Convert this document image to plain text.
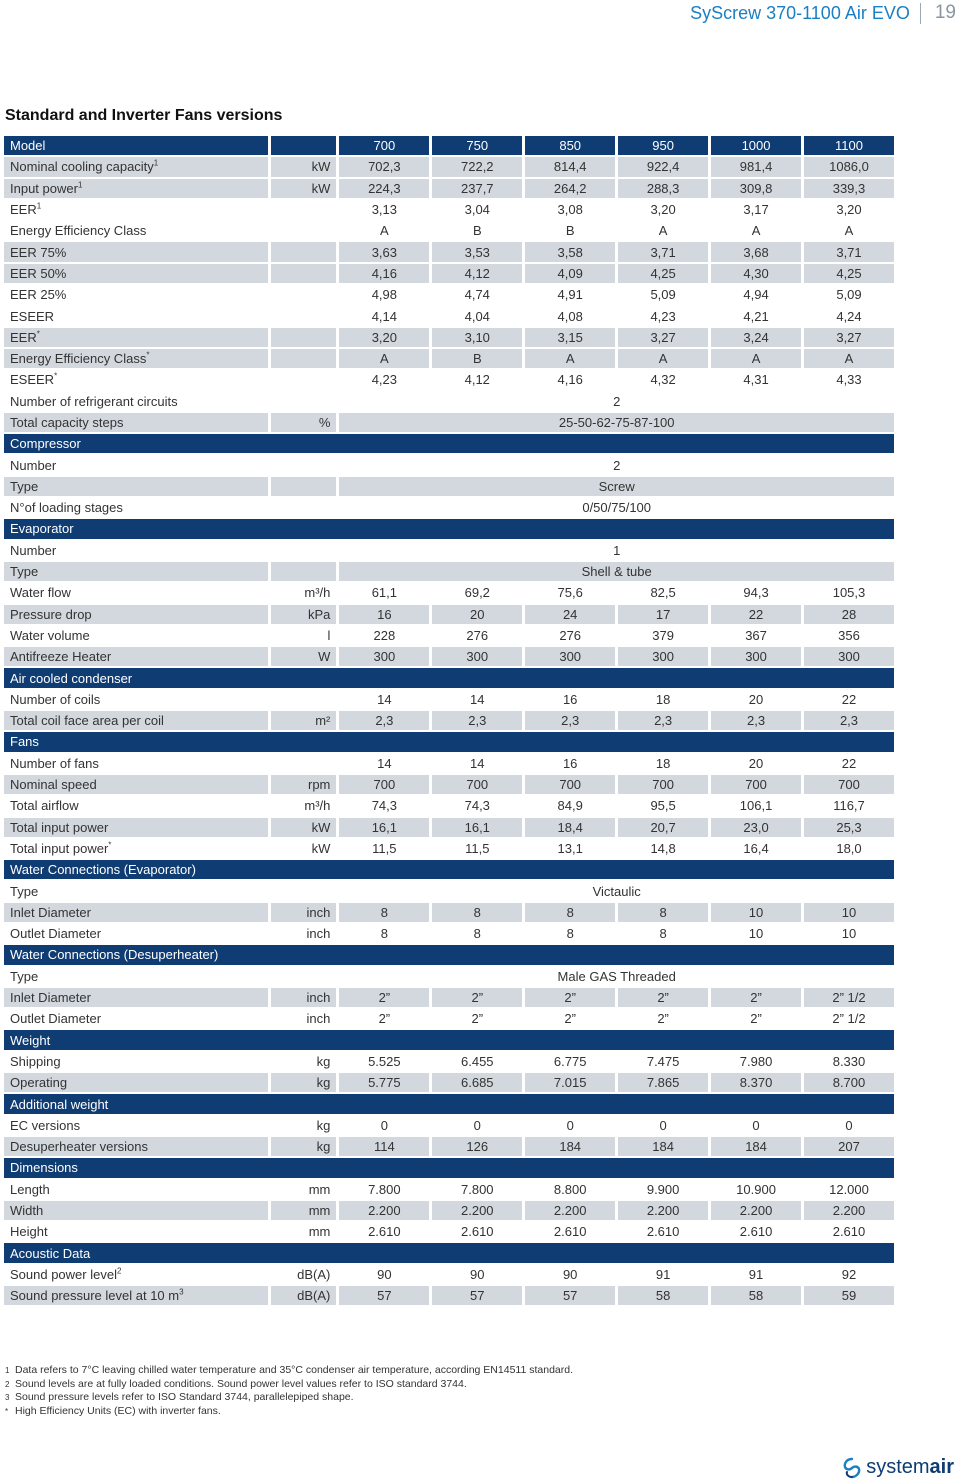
SyScrew 370-1100 Air EVO	19
Standard and Inverter Fans versions
Model		700	750	850	950	1000	1100
Nominal cooling capacity$^1$	kW	702,3	722,2	814,4	922,4	981,4	1086,0
Input power$^1$	kW	224,3	237,7	264,2	288,3	309,8	339,3
EER$^1$		3,13	3,04	3,08	3,20	3,17	3,20
Energy Efficiency Class		A	B	B	A	A	A
EER 75%		3,63	3,53	3,58	3,71	3,68	3,71
EER 50%		4,16	4,12	4,09	4,25	4,30	4,25
EER 25%		4,98	4,74	4,91	5,09	4,94	5,09
ESEER		4,14	4,04	4,08	4,23	4,21	4,24
EER*		3,20	3,10	3,15	3,27	3,24	3,27
Energy Efficiency Class*		A	B	A	A	A	A
ESEER*		4,23	4,12	4,16	4,32	4,31	4,33
Number of refrigerant circuits		2					
Total capacity steps	%	25-50-62-75-87-100					
Compressor							
Number		2					
Type		Screw					
N°of loading stages		0/50/75/100					
Evaporator							
Number		1					
Type		Shell & tube					
Water flow	m³/h	61,1	69,2	75,6	82,5	94,3	105,3
Pressure drop	kPa	16	20	24	17	22	28
Water volume	l	228	276	276	379	367	356
Antifreeze Heater	W	300	300	300	300	300	300
Air cooled condenser							
Number of coils		14	14	16	18	20	22
Total coil face area per coil	m²	2,3	2,3	2,3	2,3	2,3	2,3
Fans							
Number of fans		14	14	16	18	20	22
Nominal speed	rpm	700	700	700	700	700	700
Total airflow	m³/h	74,3	74,3	84,9	95,5	106,1	116,7
Total input power	kW	16,1	16,1	18,4	20,7	23,0	25,3
Total input power*	kW	11,5	11,5	13,1	14,8	16,4	18,0
Water Connections (Evaporator)							
Type		Victaulic					
Inlet Diameter	inch	8	8	8	8	10	10
Outlet Diameter	inch	8	8	8	8	10	10
Water Connections (Desuperheater)							
Type		Male GAS Threaded					
Inlet Diameter	inch	2”	2”	2”	2”	2”	2” 1/2
Outlet Diameter	inch	2”	2”	2”	2”	2”	2” 1/2
Weight							
Shipping	kg	5.525	6.455	6.775	7.475	7.980	8.330
Operating	kg	5.775	6.685	7.015	7.865	8.370	8.700
Additional weight							
EC versions	kg	0	0	0	0	0	0
Desuperheater versions	kg	114	126	184	184	184	207
Dimensions							
Length	mm	7.800	7.800	8.800	9.900	10.900	12.000
Width	mm	2.200	2.200	2.200	2.200	2.200	2.200
Height	mm	2.610	2.610	2.610	2.610	2.610	2.610
Acoustic Data							
Sound power level$^2$	dB(A)	90	90	90	91	91	92
Sound pressure level at 10 $m^3$	dB(A)	57	57	57	58	58	59
1 Data refers to 7°C leaving chilled water temperature and 35°C condenser air temperature, according EN14511 standard.
2 Sound levels are at fully loaded conditions. Sound power level values refer to ISO standard 3744.
3 Sound pressure levels refer to ISO Standard 3744, parallelepiped shape.
* High Efficiency Units (EC) with inverter fans.
system air
